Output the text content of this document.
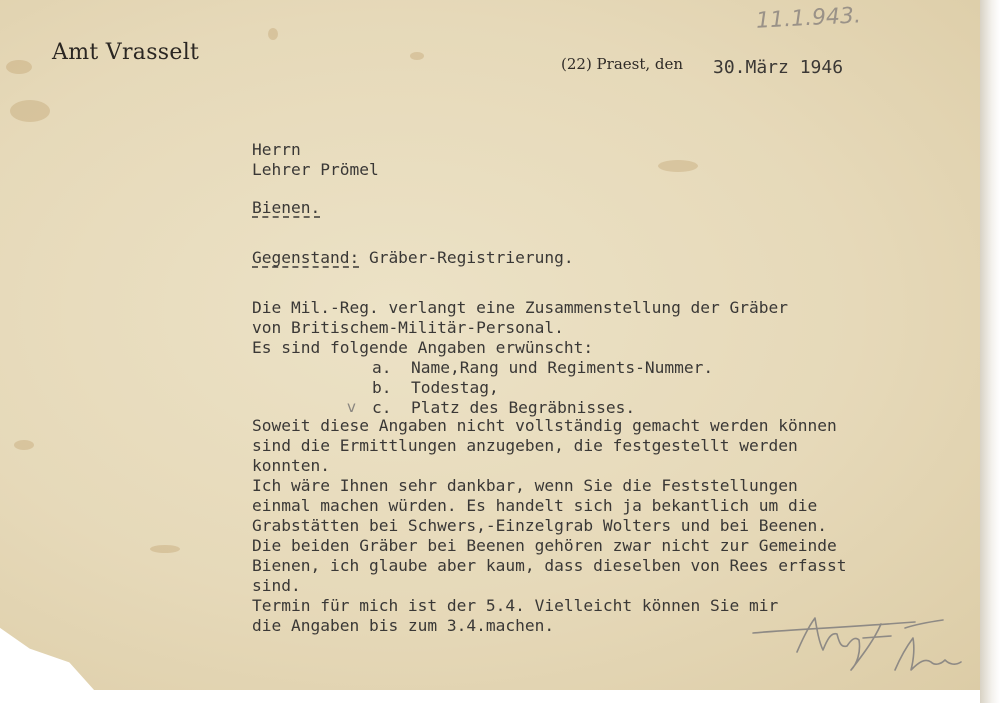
11.1.943.
Amt Vrasselt	(22) Praest, den 30.März 1946
Herrn
Lehrer Prömel
Bienen.
Gegenstand: Gräber-Registrierung.
Die Mil.-Reg. verlangt eine Zusammenstellung der Gräber
von Britischem-Militär-Personal.
Es sind folgende Angaben erwünscht:
a.  Name,Rang und Regiments-Nummer.
b.  Todestag,
c.  Platz des Begräbnisses.
v
Soweit diese Angaben nicht vollständig gemacht werden können
sind die Ermittlungen anzugeben, die festgestellt werden
konnten.
Ich wäre Ihnen sehr dankbar, wenn Sie die Feststellungen
einmal machen würden. Es handelt sich ja bekantlich um die
Grabstätten bei Schwers,-Einzelgrab Wolters und bei Beenen.
Die beiden Gräber bei Beenen gehören zwar nicht zur Gemeinde
Bienen, ich glaube aber kaum, dass dieselben von Rees erfasst
sind.
Termin für mich ist der 5.4. Vielleicht können Sie mir
die Angaben bis zum 3.4.machen.
